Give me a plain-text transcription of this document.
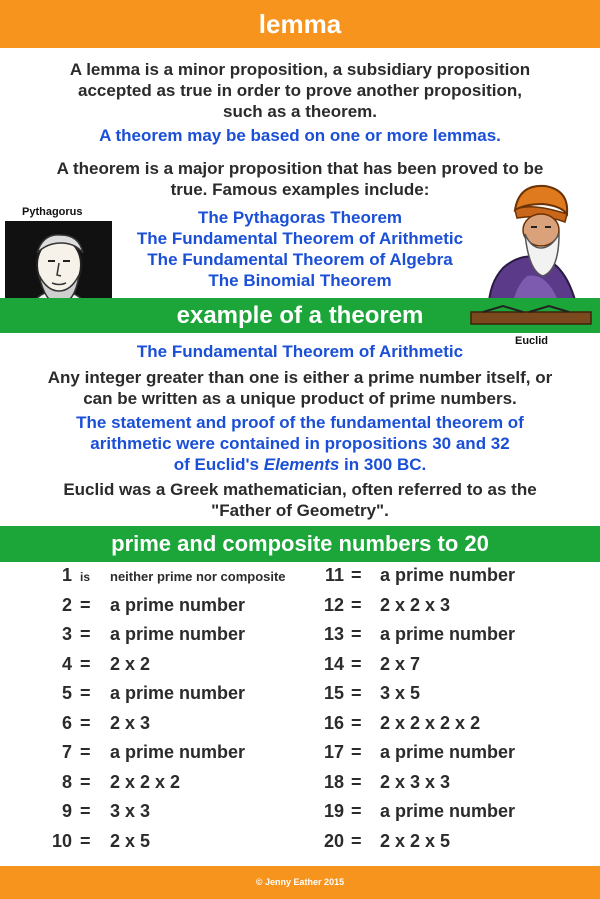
lemma
A lemma is a minor proposition, a subsidiary proposition
accepted as true in order to prove another proposition,
such as a theorem.
A theorem may be based on one or more lemmas.
A theorem is a major proposition that has been proved to be
true. Famous examples include:
Pythagorus	The Pythagoras Theorem
The Fundamental Theorem of Arithmetic
The Fundamental Theorem of Algebra
The Binomial Theorem
example of a theorem
Euclid
The Fundamental Theorem of Arithmetic
Any integer greater than one is either a prime number itself, or
can be written as a unique product of prime numbers.
The statement and proof of the fundamental theorem of
arithmetic were contained in propositions 30 and 32
of Euclid's Elements in 300 BC.
Euclid was a Greek mathematician, often referred to as the
"Father of Geometry".
prime and composite numbers to 20
1 is neither prime nor composite
2 = a prime number
3 = a prime number
4 = 2 x 2
5 = a prime number
6 = 2 x 3
7 = a prime number
8 = 2 x 2 x 2
9 = 3 x 3
10 = 2 x 5
11 = a prime number
12 = 2 x 2 x 3
13 = a prime number
14 = 2 x 7
15 = 3 x 5
16 = 2 x 2 x 2 x 2
17 = a prime number
18 = 2 x 3 x 3
19 = a prime number
20 = 2 x 2 x 5
© Jenny Eather 2015
